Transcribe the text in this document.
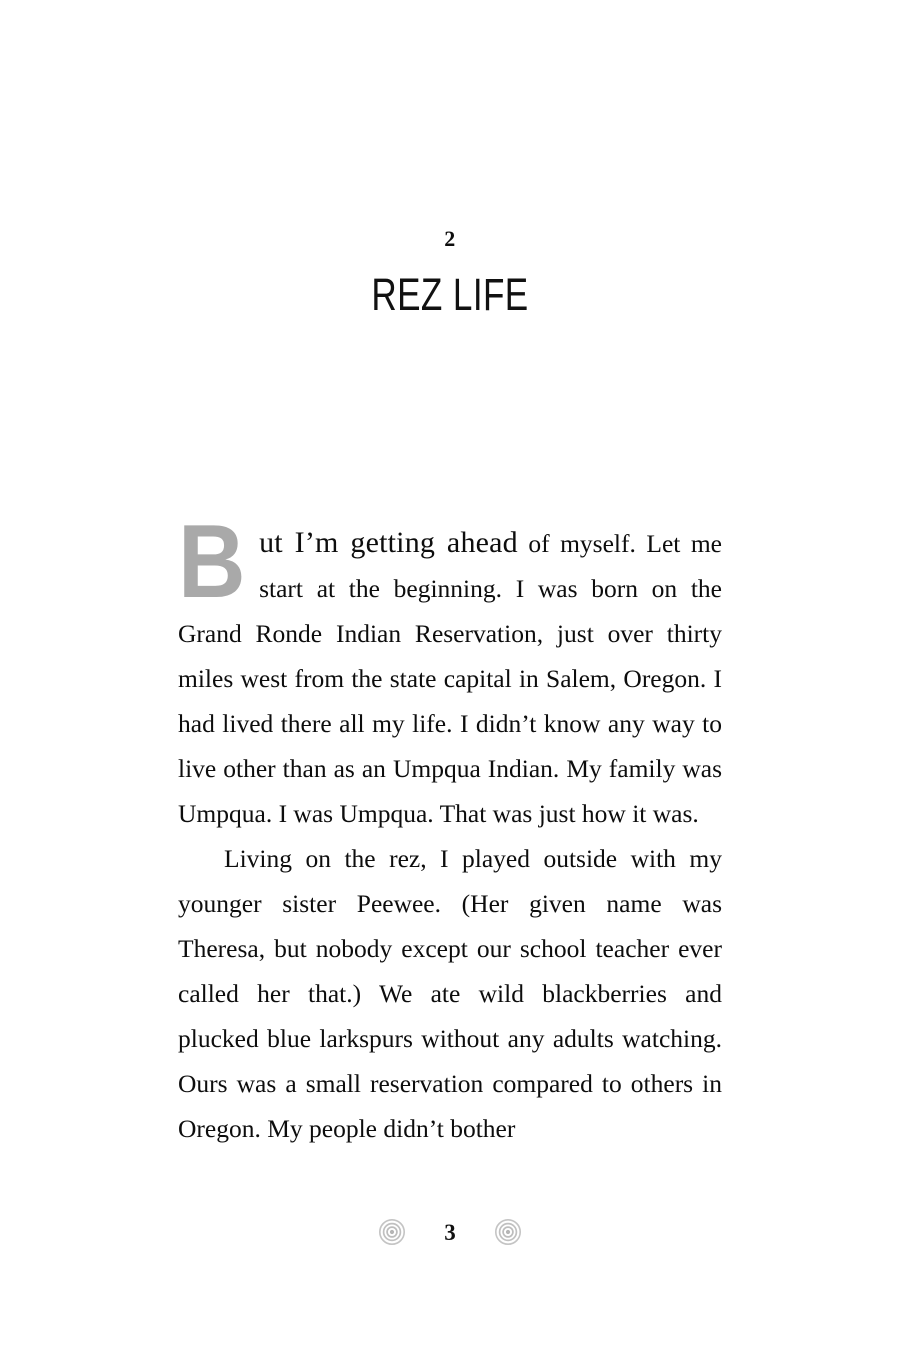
2
REZ LIFE

But I’m getting ahead of myself. Let me start at the beginning. I was born on the Grand Ronde Indian Reservation, just over thirty miles west from the state capital in Salem, Oregon. I had lived there all my life. I didn’t know any way to live other than as an Umpqua Indian. My family was Umpqua. I was Umpqua. That was just how it was.

Living on the rez, I played outside with my younger sister Peewee. (Her given name was Theresa, but nobody except our school teacher ever called her that.) We ate wild blackberries and plucked blue larkspurs without any adults watching. Ours was a small reservation compared to others in Oregon. My people didn’t bother

3
